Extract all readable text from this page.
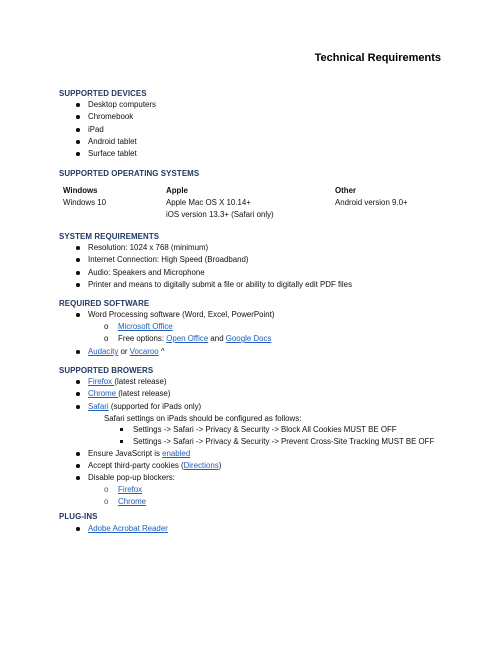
Technical Requirements
SUPPORTED DEVICES
Desktop computers
Chromebook
iPad
Android tablet
Surface tablet
SUPPORTED OPERATING SYSTEMS
Windows
Windows 10
Apple
Apple Mac OS X 10.14+
iOS version 13.3+ (Safari only)
Other
Android version 9.0+
SYSTEM REQUIREMENTS
Resolution: 1024 x 768 (minimum)
Internet Connection: High Speed (Broadband)
Audio: Speakers and Microphone
Printer and means to digitally submit a file or ability to digitally edit PDF files
REQUIRED SOFTWARE
Word Processing software (Word, Excel, PowerPoint)
o Microsoft Office
o Free options: Open Office and Google Docs
Audacity or Vocaroo ^
SUPPORTED BROWERS
Firefox (latest release)
Chrome (latest release)
Safari (supported for iPads only)
Safari settings on iPads should be configured as follows:
Settings -> Safari -> Privacy & Security -> Block All Cookies MUST BE OFF
Settings -> Safari -> Privacy & Security -> Prevent Cross-Site Tracking MUST BE OFF
Ensure JavaScript is enabled
Accept third-party cookies (Directions)
Disable pop-up blockers:
o Firefox
o Chrome
PLUG-INS
Adobe Acrobat Reader
